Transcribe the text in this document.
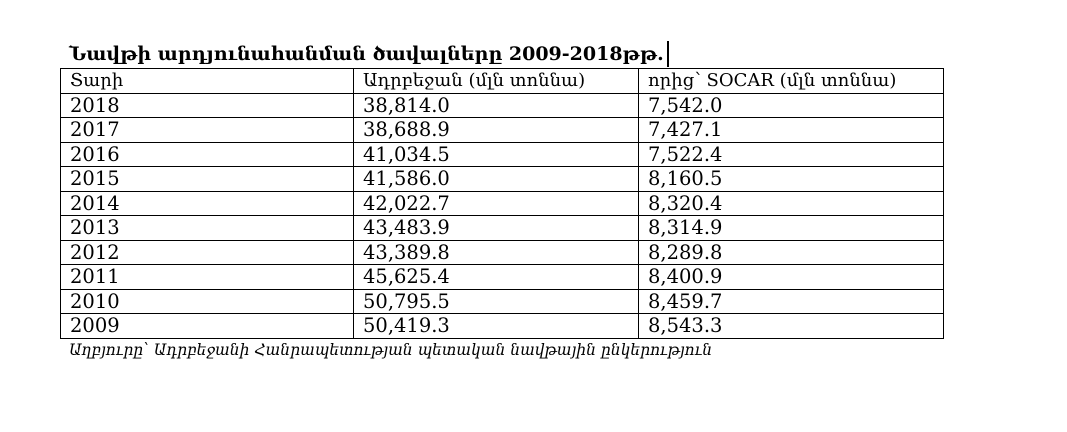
Նավթի արդյունահանման ծավալները 2009-2018թթ.
Տարի	Ադրբեջան (մլն տոննա)	որից՝ SOCAR (մլն տոննա)
2018	38,814.0	7,542.0
2017	38,688.9	7,427.1
2016	41,034.5	7,522.4
2015	41,586.0	8,160.5
2014	42,022.7	8,320.4
2013	43,483.9	8,314.9
2012	43,389.8	8,289.8
2011	45,625.4	8,400.9
2010	50,795.5	8,459.7
2009	50,419.3	8,543.3
Աղբյուրը՝ Ադրբեջանի Հանրապետության պետական նավթային ընկերություն
